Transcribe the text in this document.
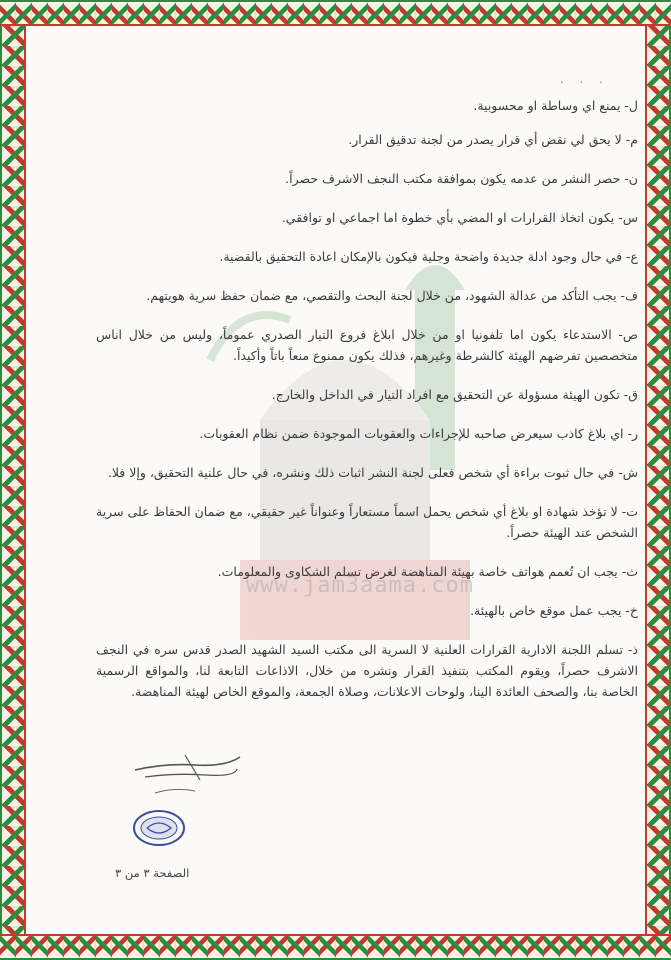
www.jam3aama.com
. . .

ل- يمنع اي وساطة او محسوبية.

م- لا يحق لي نقض أي قرار يصدر من لجنة تدقيق القرار.

ن- حصر النشر من عدمه يكون بموافقة مكتب النجف الاشرف حصراً.

س- يكون اتخاذ القرارات او المضي بأي خطوة اما اجماعي او توافقي.

ع- في حال وجود ادلة جديدة واضحة وجلية فيكون بالإمكان اعادة التحقيق بالقضية.

ف- يجب التأكد من عدالة الشهود، من خلال لجنة البحث والتقصي، مع ضمان حفظ سرية هويتهم.

ص- الاستدعاء يكون اما تلفونيا او من خلال ابلاغ فروع التيار الصدري عموماً، وليس من خلال اناس متخصصين تفرضهم الهيئة كالشرطة وغيرهم، فذلك يكون ممنوع منعاً باتاً وأكيداً.

ق- تكون الهيئة مسؤولة عن التحقيق مع افراد التيار في الداخل والخارج.

ر- اي بلاغ كاذب سيعرض صاحبه للإجراءات والعقوبات الموجودة ضمن نظام العقوبات.

ش- في حال ثبوت براءة أي شخص فعلى لجنة النشر اثبات ذلك ونشره، في حال علنية التحقيق، وإلا فلا.

ت- لا تؤخذ شهادة او بلاغ أي شخص يحمل اسماً مستعاراً وعنواناً غير حقيقي، مع ضمان الحفاظ على سرية الشخص عند الهيئة حصراً.

ث- يجب ان تُعمم هواتف خاصة بهيئة المناهضة لغرض تسلم الشكاوى والمعلومات.

خ- يجب عمل موقع خاص بالهيئة.

ذ- تسلم اللجنة الادارية القرارات العلنية لا السرية الى مكتب السيد الشهيد الصدر قدس سره في النجف الاشرف حصراً، ويقوم المكتب بتنفيذ القرار ونشره من خلال، الاذاعات التابعة لنا، والمواقع الرسمية الخاصة بنا، والصحف العائدة الينا، ولوحات الاعلانات، وصلاة الجمعة، والموقع الخاص لهيئة المناهضة.

الصفحة ٣ من ٣
